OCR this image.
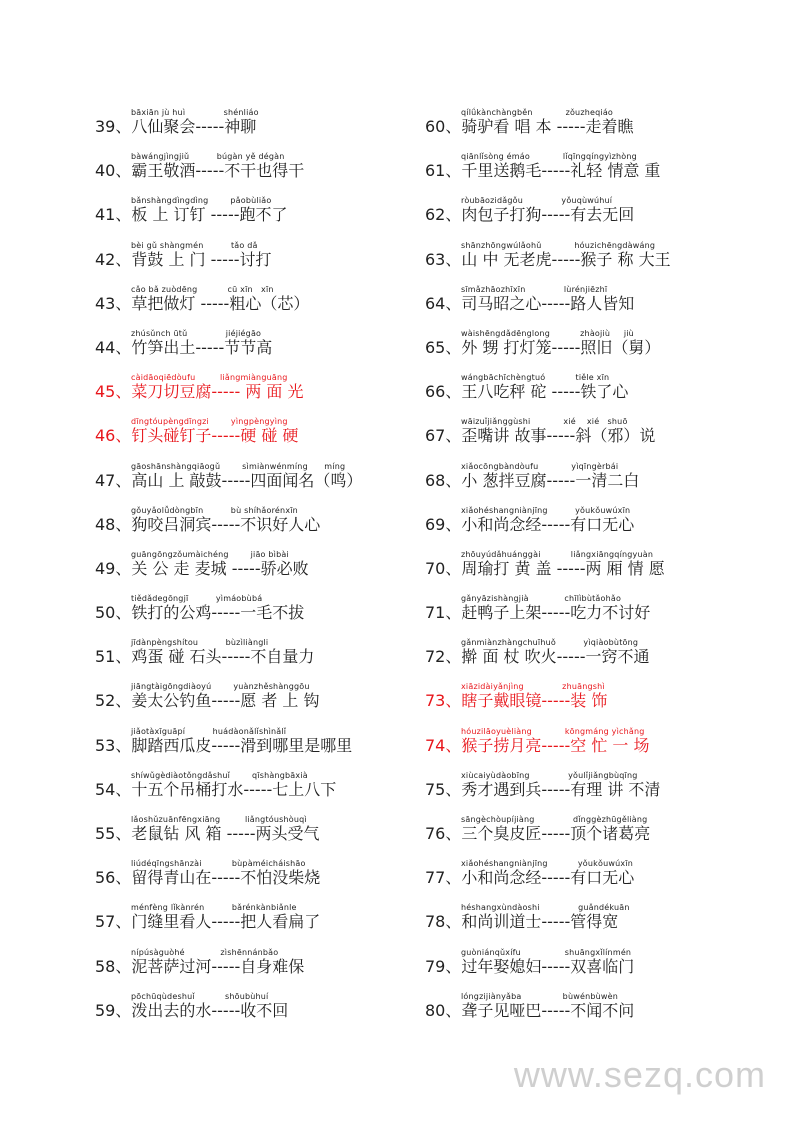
bāxiān jù huì              shénliáo
39、八仙聚会-----神聊
bàwángjìngjiǔ          búgàn yě dégàn
40、霸王敬酒-----不干也得干
bǎnshàngdìngdìng        pǎobùliǎo
41、板 上 订钉 -----跑不了
bèi gǔ shàngmén          tǎo dǎ
42、背鼓 上 门 -----讨打
cǎo bǎ zuòdēng           cū xīn   xīn
43、草把做灯 -----粗心（芯）
zhúsǔnch ūtǔ              jiéjiégāo
44、竹笋出土-----节节高
càidāoqiēdòufu         liǎngmiànguāng
45、菜刀切豆腐----- 两 面 光
dīngtóupèngdīngzi        yìngpèngyìng
46、钉头碰钉子-----硬 碰 硬
gāoshānshàngqiāogǔ        sìmiànwénmíng      míng
47、高山 上 敲鼓-----四面闻名（鸣）
gǒuyǎolǚdòngbīn          bù shíhǎorénxīn
48、狗咬吕洞宾-----不识好人心
guāngōngzǒumàichéng        jiāo bìbài
49、关 公 走 麦城 -----骄必败
tiědǎdegōngjī          yìmáobùbá
50、铁打的公鸡-----一毛不拔
jīdànpèngshítou          bùzìliàngli
51、鸡蛋 碰 石头-----不自量力
jiāngtàigōngdiàoyú        yuànzhěshànggōu
52、姜太公钓鱼-----愿 者 上 钩
jiǎotàxīguāpí          huádàonǎlǐshìnǎlǐ
53、脚踏西瓜皮-----滑到哪里是哪里
shíwǔgèdiàotǒngdǎshuǐ        qīshàngbāxià
54、十五个吊桶打水-----七上八下
lǎoshǔzuānfēngxiāng         liǎngtóushòuqì
55、老鼠钻 风 箱 -----两头受气
liúdéqīngshānzài           bùpàméicháishāo
56、留得青山在-----不怕没柴烧
ménfèng lǐkànrén          bǎrénkànbiǎnle
57、门缝里看人-----把人看扁了
nípúsàguòhé             zìshēnnánbǎo
58、泥菩萨过河-----自身难保
pōchūqùdeshuǐ           shōubùhuí
59、泼出去的水-----收不回
qílǘkànchàngběn            zǒuzheqiáo
60、骑驴看 唱 本 -----走着瞧
qiānlǐsòng émáo            lǐqīngqíngyìzhòng
61、千里送鹅毛-----礼轻 情意 重
ròubāozidǎgǒu              yǒuqùwúhuí
62、肉包子打狗-----有去无回
shānzhōngwúlǎohǔ            hóuzichēngdàwáng
63、山 中 无老虎-----猴子 称 大王
sīmǎzhāozhīxīn              lùrénjiēzhī
64、司马昭之心-----路人皆知
wàishēngdǎdēnglong           zhàojiù     jiù
65、外 甥 打灯笼-----照旧（舅）
wángbāchīchèngtuó           tiěle xīn
66、王八吃秤 砣 -----铁了心
wāizuǐjiǎnggùshi            xié    xié   shuō
67、歪嘴讲 故事-----斜（邪）说
xiǎocōngbàndòufu            yìqīngèrbái
68、小 葱拌豆腐-----一清二白
xiǎohéshangniànjīng          yǒukǒuwúxīn
69、小和尚念经-----有口无心
zhōuyúdǎhuánggài           liǎngxiāngqíngyuàn
70、周瑜打 黄 盖 -----两 厢 情 愿
gǎnyāzishàngjià             chīlìbùtǎohǎo
71、赶鸭子上架-----吃力不讨好
gǎnmiànzhàngchuīhuǒ          yìqiàobùtōng
72、擀 面 杖 吹火-----一窍不通
xiāzidàiyǎnjìng              zhuāngshì
73、瞎子戴眼镜-----装 饰
hóuzilāoyuèliàng            kōngmáng yìchǎng
74、猴子捞月亮-----空 忙 一 场
xiùcaiyùdàobīng              yǒulǐjiǎngbùqīng
75、秀才遇到兵-----有理 讲 不清
sāngèchòupíjiàng              dǐnggèzhūgěliàng
76、三个臭皮匠-----顶个诸葛亮
xiǎohéshangniànjīng           yǒukǒuwúxīn
77、小和尚念经-----有口无心
héshangxùndàoshi              guǎndékuān
78、和尚训道士-----管得宽
guòniánqǔxífu                shuāngxǐlínmén
79、过年娶媳妇-----双喜临门
lóngzijiànyǎba               bùwénbùwèn
80、聋子见哑巴-----不闻不问
www.sezq.com
